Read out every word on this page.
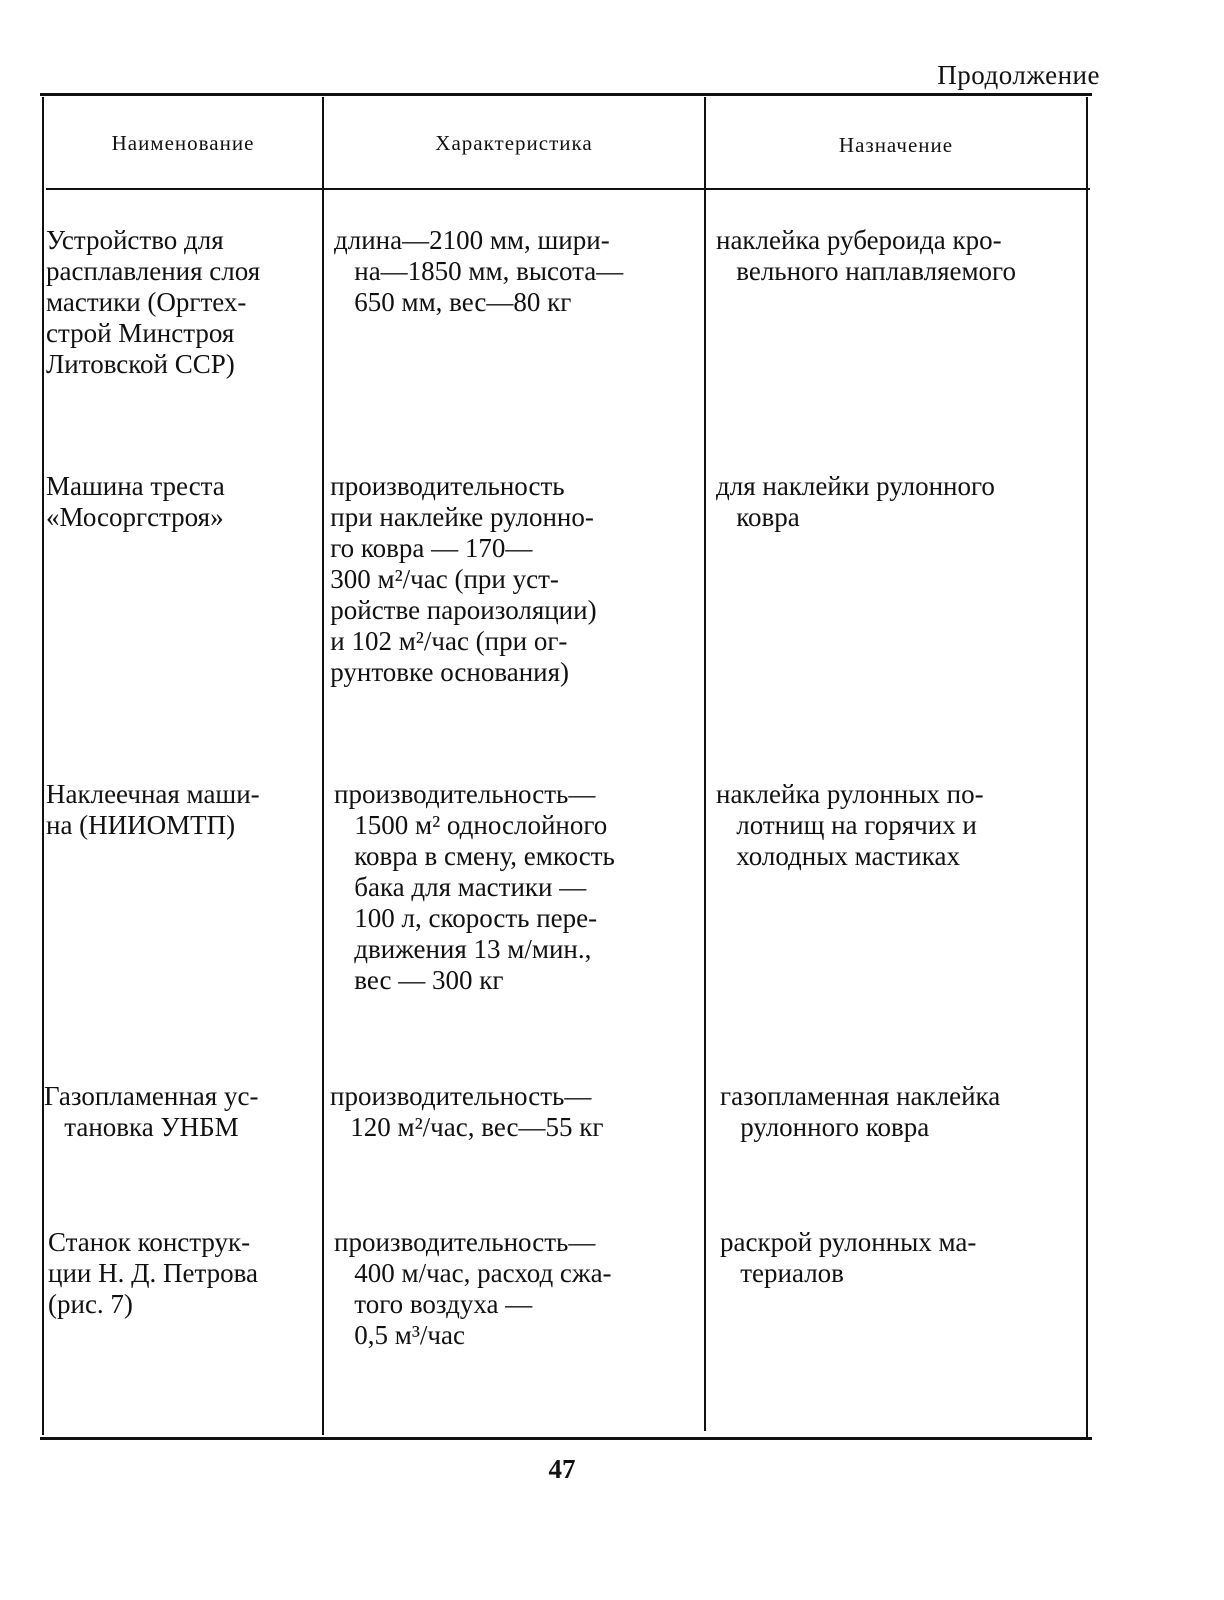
Продолжение
Наименование	Характеристика	Назначение
Устройство для
расплавления слоя
мастики (Оргтех-
строй Минстроя
Литовской ССР)
длина—2100 мм, шири-
на—1850 мм, высота—
650 мм, вес—80 кг
наклейка рубероида кро-
вельного наплавляемого
Машина треста
«Мосоргстроя»
производительность
при наклейке рулонно-
го ковра — 170—
300 м²/час (при уст-
ройстве пароизоляции)
и 102 м²/час (при ог-
рунтовке основания)
для наклейки рулонного
ковра
Наклеечная маши-
на (НИИОМТП)
производительность—
1500 м² однослойного
ковра в смену, емкость
бака для мастики —
100 л, скорость пере-
движения 13 м/мин.,
вес — 300 кг
наклейка рулонных по-
лотнищ на горячих и
холодных мастиках
Газопламенная ус-
тановка УНБМ
производительность—
120 м²/час, вес—55 кг
газопламенная наклейка
рулонного ковра
Станок конструк-
ции Н. Д. Петрова
(рис. 7)
производительность—
400 м/час, расход сжа-
того воздуха —
0,5 м³/час
раскрой рулонных ма-
териалов
47
